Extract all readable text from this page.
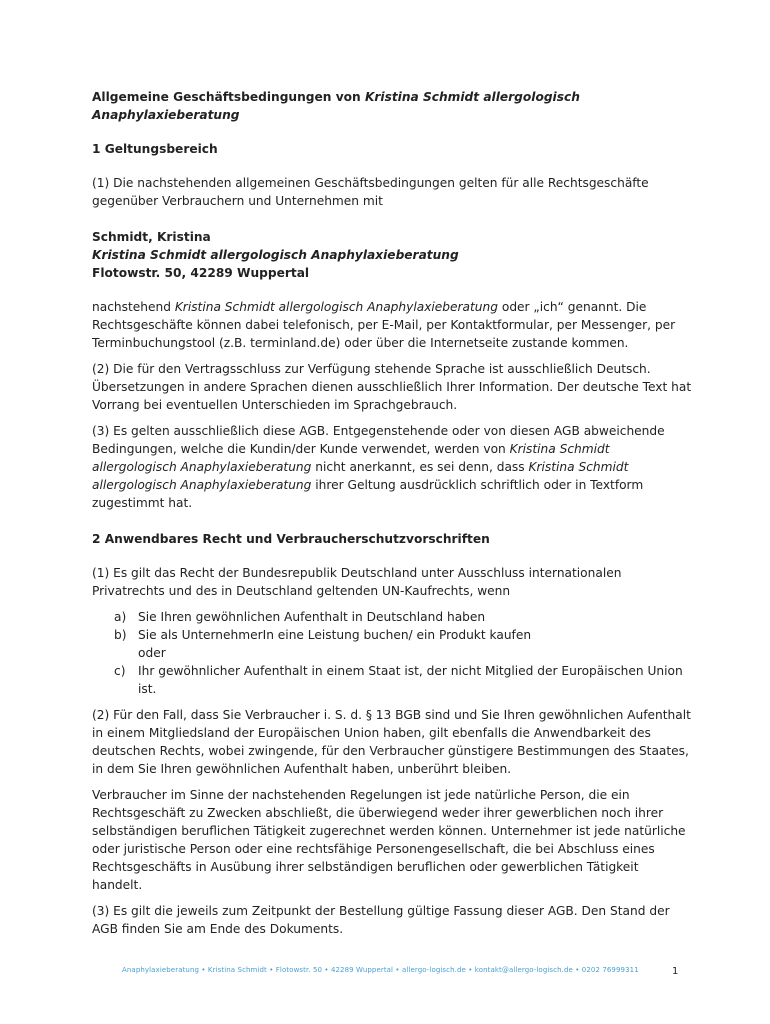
Allgemeine Geschäftsbedingungen von Kristina Schmidt allergologisch Anaphylaxieberatung
1 Geltungsbereich

(1) Die nachstehenden allgemeinen Geschäftsbedingungen gelten für alle Rechtsgeschäfte gegenüber Verbrauchern und Unternehmen mit

Schmidt, Kristina
Kristina Schmidt allergologisch Anaphylaxieberatung
Flotowstr. 50, 42289 Wuppertal

nachstehend Kristina Schmidt allergologisch Anaphylaxieberatung oder „ich“ genannt. Die Rechtsgeschäfte können dabei telefonisch, per E-Mail, per Kontaktformular, per Messenger, per Terminbuchungstool (z.B. terminland.de) oder über die Internetseite zustande kommen.

(2) Die für den Vertragsschluss zur Verfügung stehende Sprache ist ausschließlich Deutsch. Übersetzungen in andere Sprachen dienen ausschließlich Ihrer Information. Der deutsche Text hat Vorrang bei eventuellen Unterschieden im Sprachgebrauch.

(3) Es gelten ausschließlich diese AGB. Entgegenstehende oder von diesen AGB abweichende Bedingungen, welche die Kundin/der Kunde verwendet, werden von Kristina Schmidt allergologisch Anaphylaxieberatung nicht anerkannt, es sei denn, dass Kristina Schmidt allergologisch Anaphylaxieberatung ihrer Geltung ausdrücklich schriftlich oder in Textform zugestimmt hat.

2 Anwendbares Recht und Verbraucherschutzvorschriften

(1) Es gilt das Recht der Bundesrepublik Deutschland unter Ausschluss internationalen Privatrechts und des in Deutschland geltenden UN-Kaufrechts, wenn

a) Sie Ihren gewöhnlichen Aufenthalt in Deutschland haben
b) Sie als UnternehmerIn eine Leistung buchen/ ein Produkt kaufen
oder
c) Ihr gewöhnlicher Aufenthalt in einem Staat ist, der nicht Mitglied der Europäischen Union ist.

(2) Für den Fall, dass Sie Verbraucher i. S. d. § 13 BGB sind und Sie Ihren gewöhnlichen Aufenthalt in einem Mitgliedsland der Europäischen Union haben, gilt ebenfalls die Anwendbarkeit des deutschen Rechts, wobei zwingende, für den Verbraucher günstigere Bestimmungen des Staates, in dem Sie Ihren gewöhnlichen Aufenthalt haben, unberührt bleiben.

Verbraucher im Sinne der nachstehenden Regelungen ist jede natürliche Person, die ein Rechtsgeschäft zu Zwecken abschließt, die überwiegend weder ihrer gewerblichen noch ihrer selbständigen beruflichen Tätigkeit zugerechnet werden können. Unternehmer ist jede natürliche oder juristische Person oder eine rechtsfähige Personengesellschaft, die bei Abschluss eines Rechtsgeschäfts in Ausübung ihrer selbständigen beruflichen oder gewerblichen Tätigkeit handelt.

(3) Es gilt die jeweils zum Zeitpunkt der Bestellung gültige Fassung dieser AGB. Den Stand der AGB finden Sie am Ende des Dokuments.

Anaphylaxieberatung • Kristina Schmidt • Flotowstr. 50 • 42289 Wuppertal • allergo-logisch.de • kontakt@allergo-logisch.de • 0202 76999311	1
